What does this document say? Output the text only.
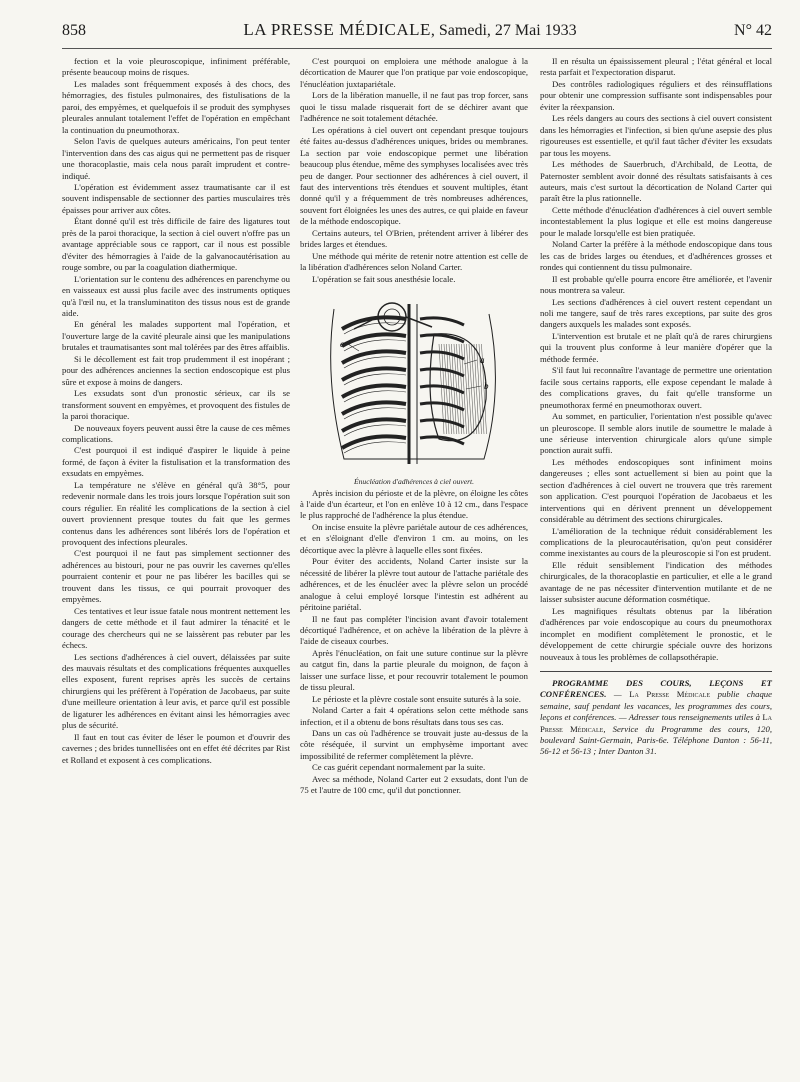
858	LA PRESSE MÉDICALE, Samedi, 27 Mai 1933	N° 42

fection et la voie pleuroscopique, infiniment préférable, présente beaucoup moins de risques.

Les malades sont fréquemment exposés à des chocs, des hémorragies, des fistules pulmonaires, des fistulisations de la paroi, des empyèmes, et quelquefois il se produit des symphyses pleurales annulant totalement l'effet de l'opération en empêchant la continuation du pneumothorax.

Selon l'avis de quelques auteurs américains, l'on peut tenter l'intervention dans des cas aigus qui ne permettent pas de risquer une thoracoplastie, mais cela nous paraît imprudent et contre-indiqué.

L'opération est évidemment assez traumatisante car il est souvent indispensable de sectionner des parties musculaires très épaisses pour arriver aux côtes.

Étant donné qu'il est très difficile de faire des ligatures tout près de la paroi thoracique, la section à ciel ouvert n'offre pas un avantage appréciable sous ce rapport, car il nous est possible d'éviter des hémorragies à l'aide de la galvanocautérisation au rouge sombre, ou par la coagulation diathermique.

L'orientation sur le contenu des adhérences en parenchyme ou en vaisseaux est aussi plus facile avec des instruments optiques qu'à l'œil nu, et la transluminatiton des tissus nous est de grande aide.

En général les malades supportent mal l'opération, et l'ouverture large de la cavité pleurale ainsi que les manipulations brutales et traumatisantes sont mal tolérées par des êtres affaiblis.

Si le décollement est fait trop prudemment il est inopérant ; pour des adhérences anciennes la section endoscopique est plus sûre et expose à moins de dangers.

Les exsudats sont d'un pronostic sérieux, car ils se transforment souvent en empyèmes, et provoquent des fistules de la paroi thoracique.

De nouveaux foyers peuvent aussi être la cause de ces mêmes complications.

C'est pourquoi il est indiqué d'aspirer le liquide à peine formé, de façon à éviter la fistulisation et la transformation des exsudats en empyèmes.

La température ne s'élève en général qu'à 38°5, pour redevenir normale dans les trois jours lorsque l'opération suit son cours régulier. En réalité les complications de la section à ciel ouvert proviennent presque toutes du fait que les germes contenus dans les adhérences sont libérés lors de l'opération et provoquent des infections pleurales.

C'est pourquoi il ne faut pas simplement sectionner des adhérences au bistouri, pour ne pas ouvrir les cavernes qu'elles pourraient contenir et pour ne pas libérer les bacilles qui se trouvent dans les tissus, ce qui pourrait provoquer des empyèmes.

Ces tentatives et leur issue fatale nous montrent nettement les dangers de cette méthode et il faut admirer la ténacité et le courage des chercheurs qui ne se laissèrent pas rebuter par les échecs.

Les sections d'adhérences à ciel ouvert, délaissées par suite des mauvais résultats et des complications fréquentes auxquelles elles exposent, furent reprises après les succès de certains chirurgiens qui les préfèrent à l'opération de Jacobaeus, par suite d'une meilleure orientation à leur avis, et parce qu'il est possible de ligaturer les adhérences en évitant ainsi les hémorragies avec plus de sécurité.

Il faut en tout cas éviter de léser le poumon et d'ouvrir des cavernes ; des brides tunnellisées ont en effet été décrites par Rist et Rolland et exposent à ces complications.

C'est pourquoi on emploiera une méthode analogue à la décortication de Maurer que l'on pratique par voie endoscopique, l'énucléation juxtapariétale.

Lors de la libération manuelle, il ne faut pas trop forcer, sans quoi le tissu malade risquerait fort de se déchirer avant que l'adhérence ne soit totalement détachée.

Les opérations à ciel ouvert ont cependant presque toujours été faites au-dessus d'adhérences uniques, brides ou membranes. La section par voie endoscopique permet une libération beaucoup plus étendue, même des symphyses localisées avec très peu de danger. Pour sectionner des adhérences à ciel ouvert, il faut des interventions très étendues et souvent multiples, étant donné qu'il y a fréquemment de très nombreuses adhérences, souvent fort éloignées les unes des autres, ce qui plaide en faveur de la méthode endoscopique.

Certains auteurs, tel O'Brien, prétendent arriver à libérer des brides larges et étendues.

Une méthode qui mérite de retenir notre attention est celle de la libération d'adhérences selon Noland Carter.

L'opération se fait sous anesthésie locale.

a
b
c

Énucléation d'adhérences à ciel ouvert.

Après incision du périoste et de la plèvre, on éloigne les côtes à l'aide d'un écarteur, et l'on en enlève 10 à 12 cm., dans l'espace le plus rapproché de l'adhérence la plus étendue.

On incise ensuite la plèvre pariétale autour de ces adhérences, et en s'éloignant d'elle d'environ 1 cm. au moins, on les décortique avec la plèvre à laquelle elles sont fixées.

Pour éviter des accidents, Noland Carter insiste sur la nécessité de libérer la plèvre tout autour de l'attache pariétale des adhérences, et de les énucléer avec la plèvre selon un procédé analogue à celui employé lorsque l'intestin est adhérent au péritoine pariétal.

Il ne faut pas compléter l'incision avant d'avoir totalement décortiqué l'adhérence, et on achève la libération de la plèvre à l'aide de ciseaux courbes.

Après l'énucléation, on fait une suture continue sur la plèvre au catgut fin, dans la partie pleurale du moignon, de façon à laisser une surface lisse, et pour recouvrir totalement le poumon de tissu pleural.

Le périoste et la plèvre costale sont ensuite suturés à la soie.

Noland Carter a fait 4 opérations selon cette méthode sans infection, et il a obtenu de bons résultats dans tous ses cas.

Dans un cas où l'adhérence se trouvait juste au-dessus de la côte réséquée, il survint un emphysème important avec impossibilité de refermer complètement la plèvre.

Ce cas guérit cependant normalement par la suite.

Avec sa méthode, Noland Carter eut 2 exsudats, dont l'un de 75 et l'autre de 100 cmc, qu'il dut ponctionner.

Il en résulta un épaississement pleural ; l'état général et local resta parfait et l'expectoration disparut.

Des contrôles radiologiques réguliers et des réinsufflations pour obtenir une compression suffisante sont indispensables pour éviter la réexpansion.

Les réels dangers au cours des sections à ciel ouvert consistent dans les hémorragies et l'infection, si bien qu'une asepsie des plus rigoureuses est essentielle, et qu'il faut tâcher d'éviter les exsudats par tous les moyens.

Les méthodes de Sauerbruch, d'Archibald, de Leotta, de Paternoster semblent avoir donné des résultats satisfaisants à ces auteurs, mais c'est surtout la décortication de Noland Carter qui paraît être la plus rationnelle.

Cette méthode d'énucléation d'adhérences à ciel ouvert semble incontestablement la plus logique et elle est moins dangereuse pour le malade lorsqu'elle est bien pratiquée.

Noland Carter la préfère à la méthode endoscopique dans tous les cas de brides larges ou étendues, et d'adhérences grosses et rondes qui contiennent du tissu pulmonaire.

Il est probable qu'elle pourra encore être améliorée, et l'avenir nous montrera sa valeur.

Les sections d'adhérences à ciel ouvert restent cependant un noli me tangere, sauf de très rares exceptions, par suite des gros dangers auxquels les malades sont exposés.

L'intervention est brutale et ne plaît qu'à de rares chirurgiens qui la trouvent plus conforme à leur manière d'opérer que la méthode fermée.

S'il faut lui reconnaître l'avantage de permettre une orientation facile sous certains rapports, elle expose cependant le malade à des complications graves, du fait qu'elle transforme un pneumothorax fermé en pneumothorax ouvert.

Au sommet, en particulier, l'orientation n'est possible qu'avec un pleuroscope. Il semble alors inutile de soumettre le malade à une sérieuse intervention chirurgicale alors qu'une simple ponction aurait suffi.

Les méthodes endoscopiques sont infiniment moins dangereuses ; elles sont actuellement si bien au point que la section d'adhérences à ciel ouvert ne trouvera que très rarement son application. C'est pourquoi l'opération de Jacobaeus et les interventions qui en dérivent prennent un développement considérable au détriment des sections chirurgicales.

L'amélioration de la technique réduit considérablement les complications de la pleurocautérisation, qu'on peut considérer comme inexistantes au cours de la pleuroscopie si l'on est prudent.

Elle réduit sensiblement l'indication des méthodes chirurgicales, de la thoracoplastie en particulier, et elle a le grand avantage de ne pas nécessiter d'intervention mutilante et de ne laisser subsister aucune déformation cosmétique.

Les magnifiques résultats obtenus par la libération d'adhérences par voie endoscopique au cours du pneumothorax incomplet en modifient complètement le pronostic, et le développement de cette chirurgie spéciale ouvre des horizons nouveaux à tous les problèmes de collapsothérapie.

PROGRAMME DES COURS, LEÇONS ET CONFÉRENCES. — La Presse Médicale publie chaque semaine, sauf pendant les vacances, les programmes des cours, leçons et conférences. — Adresser tous renseignements utiles à La Presse Médicale, Service du Programme des cours, 120, boulevard Saint-Germain, Paris-6e. Téléphone Danton : 56-11, 56-12 et 56-13 ; Inter Danton 31.
